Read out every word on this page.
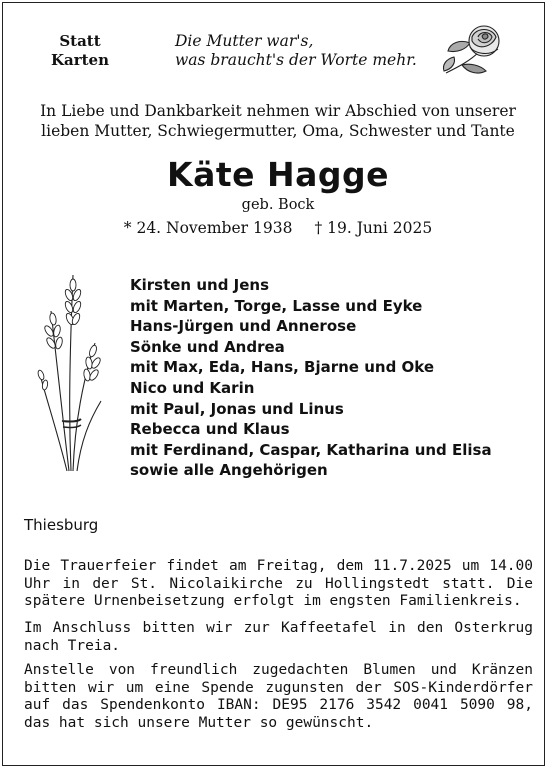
Statt
Karten
Die Mutter war's,
was braucht's der Worte mehr.
In Liebe und Dankbarkeit nehmen wir Abschied von unserer
lieben Mutter, Schwiegermutter, Oma, Schwester und Tante
Käte Hagge
geb. Bock
* 24. November 1938 † 19. Juni 2025
Kirsten und Jens
mit Marten, Torge, Lasse und Eyke
Hans-Jürgen und Annerose
Sönke und Andrea
mit Max, Eda, Hans, Bjarne und Oke
Nico und Karin
mit Paul, Jonas und Linus
Rebecca und Klaus
mit Ferdinand, Caspar, Katharina und Elisa
sowie alle Angehörigen
Thiesburg
Die Trauerfeier findet am Freitag, dem 11.7.2025 um 14.00 Uhr in der St. Nicolaikirche zu Hollingstedt statt. Die spätere Urnenbeisetzung erfolgt im engsten Familienkreis.
Im Anschluss bitten wir zur Kaffeetafel in den Osterkrug nach Treia.
Anstelle von freundlich zugedachten Blumen und Kränzen bitten wir um eine Spende zugunsten der SOS-Kinderdörfer auf das Spendenkonto IBAN: DE95 2176 3542 0041 5090 98, das hat sich unsere Mutter so gewünscht.
